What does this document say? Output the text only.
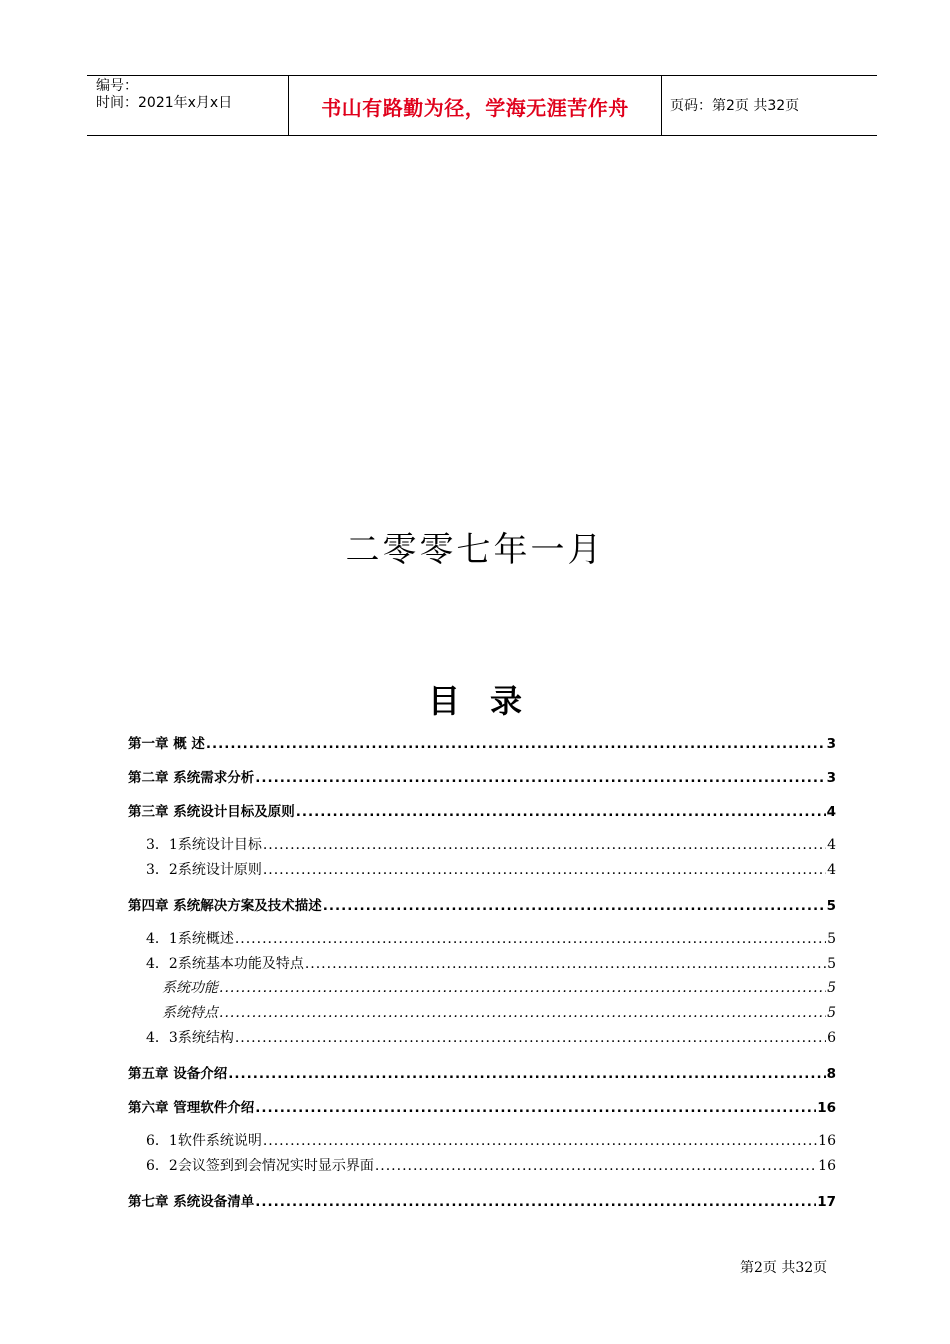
编号：
时间：2021年x月x日	书山有路勤为径，学海无涯苦作舟	页码：第2页 共32页
二零零七年一月
目录
第一章 概 述 .....	3
第二章 系统需求分析 .....	3
第三章 系统设计目标及原则 .....	4
3．1系统设计目标 .....	4
3．2系统设计原则 .....	4
第四章 系统解决方案及技术描述 .....	5
4．1系统概述 .....	5
4．2系统基本功能及特点 .....	5
系统功能 .....	5
系统特点 .....	5
4．3系统结构 .....	6
第五章 设备介绍 .....	8
第六章 管理软件介绍 .....	16
6．1软件系统说明 .....	16
6．2会议签到到会情况实时显示界面 .....	16
第七章 系统设备清单 .....	17
第2页 共32页
